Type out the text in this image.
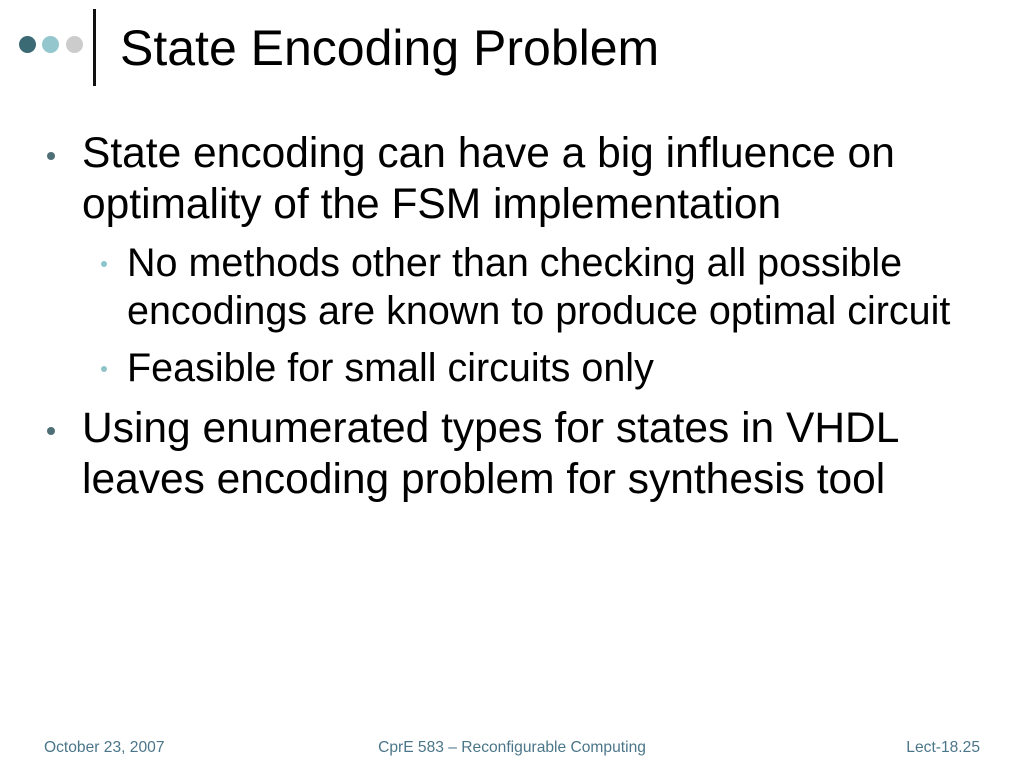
State Encoding Problem
State encoding can have a big influence on optimality of the FSM implementation
No methods other than checking all possible encodings are known to produce optimal circuit
Feasible for small circuits only
Using enumerated types for states in VHDL leaves encoding problem for synthesis tool
October 23, 2007	CprE 583 – Reconfigurable Computing	Lect-18.25
